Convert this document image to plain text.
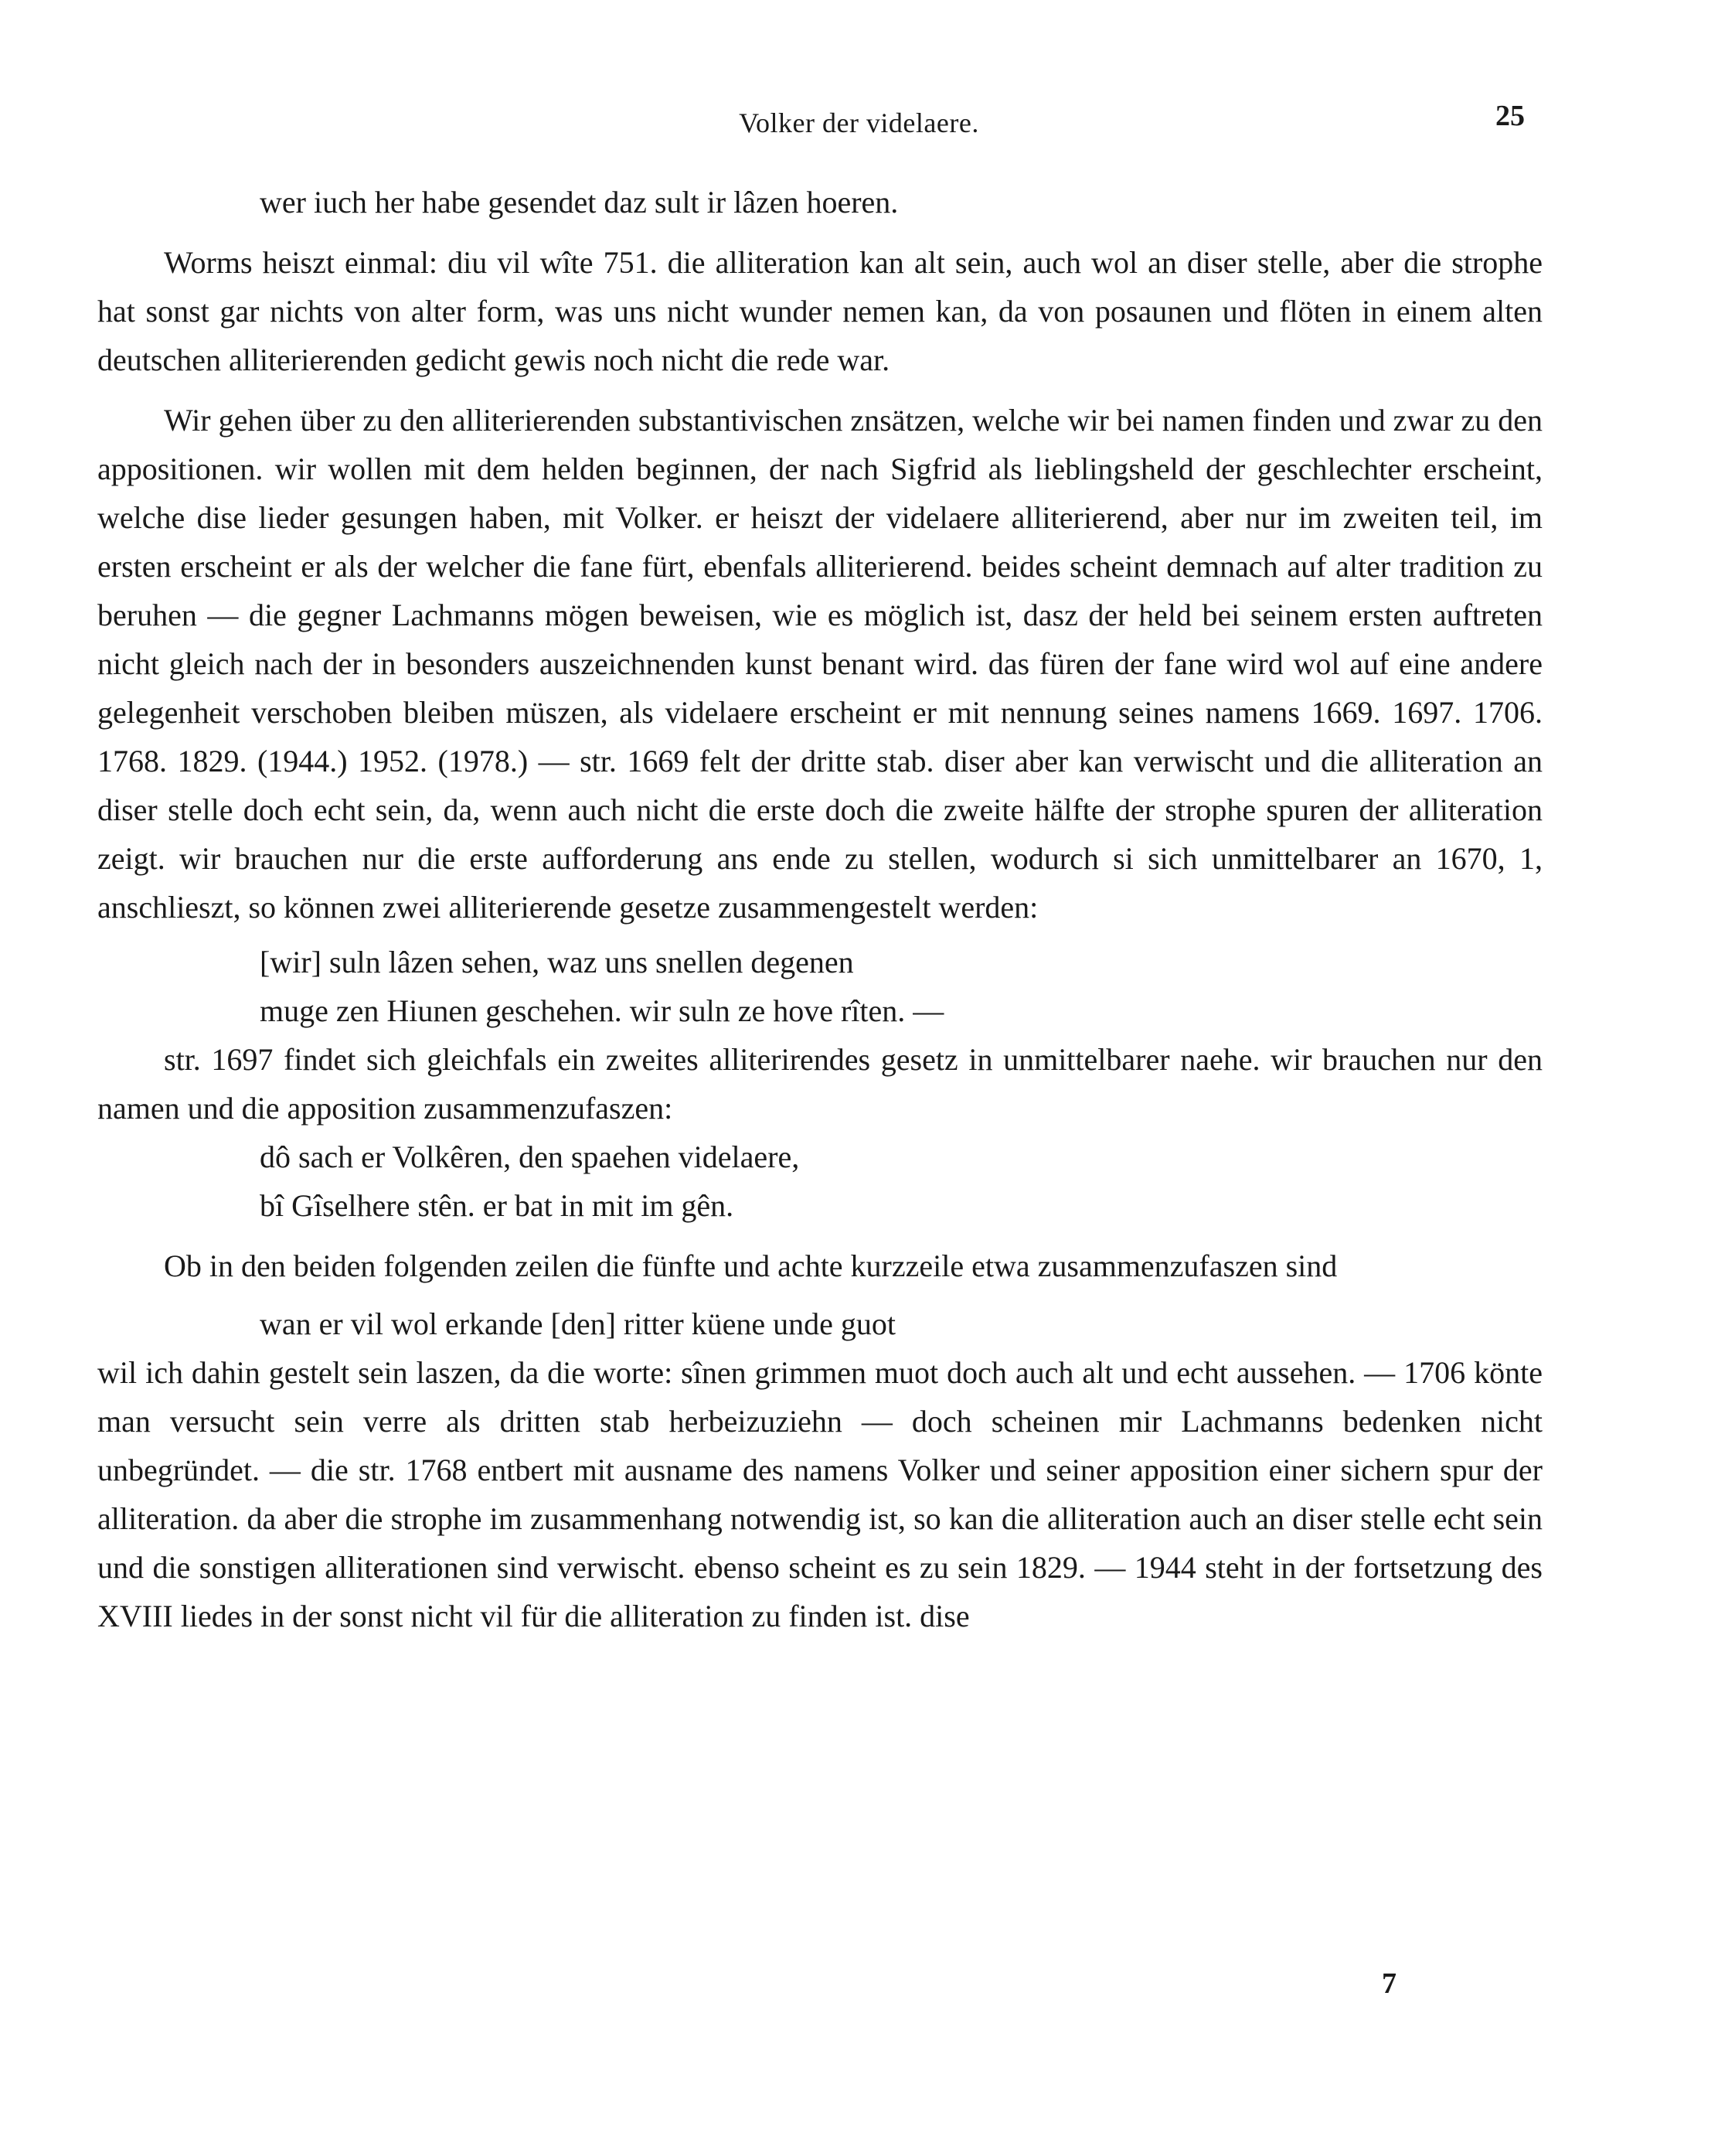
Volker der videlaere.	25

wer iuch her habe gesendet daz sult ir lâzen hoeren.

Worms heiszt einmal: diu vil wîte 751. die alliteration kan alt sein, auch wol an diser stelle, aber die strophe hat sonst gar nichts von alter form, was uns nicht wunder nemen kan, da von posaunen und flöten in einem alten deutschen alliterierenden gedicht gewis noch nicht die rede war.

Wir gehen über zu den alliterierenden substantivischen znsätzen, welche wir bei namen finden und zwar zu den appositionen. wir wollen mit dem helden beginnen, der nach Sigfrid als lieblingsheld der geschlechter erscheint, welche dise lieder gesungen haben, mit Volker. er heiszt der videlaere alliterierend, aber nur im zweiten teil, im ersten erscheint er als der welcher die fane fürt, ebenfals alliterierend. beides scheint demnach auf alter tradition zu beruhen — die gegner Lachmanns mögen beweisen, wie es möglich ist, dasz der held bei seinem ersten auftreten nicht gleich nach der in besonders auszeichnenden kunst benant wird. das füren der fane wird wol auf eine andere gelegenheit verschoben bleiben müszen, als videlaere erscheint er mit nennung seines namens 1669. 1697. 1706. 1768. 1829. (1944.) 1952. (1978.) — str. 1669 felt der dritte stab. diser aber kan verwischt und die alliteration an diser stelle doch echt sein, da, wenn auch nicht die erste doch die zweite hälfte der strophe spuren der alliteration zeigt. wir brauchen nur die erste aufforderung ans ende zu stellen, wodurch si sich unmittelbarer an 1670, 1, anschlieszt, so können zwei alliterierende gesetze zusammengestelt werden:

[wir] suln lâzen sehen, waz uns snellen degenen

muge zen Hiunen geschehen. wir suln ze hove rîten. —

str. 1697 findet sich gleichfals ein zweites alliterirendes gesetz in unmittelbarer naehe. wir brauchen nur den namen und die apposition zusammenzufaszen:

dô sach er Volkêren, den spaehen videlaere,

bî Gîselhere stên. er bat in mit im gên.

Ob in den beiden folgenden zeilen die fünfte und achte kurzzeile etwa zusammenzufaszen sind

wan er vil wol erkande [den] ritter küene unde guot

wil ich dahin gestelt sein laszen, da die worte: sînen grimmen muot doch auch alt und echt aussehen. — 1706 könte man versucht sein verre als dritten stab herbeizuziehn — doch scheinen mir Lachmanns bedenken nicht unbegründet. — die str. 1768 entbert mit ausname des namens Volker und seiner apposition einer sichern spur der alliteration. da aber die strophe im zusammenhang notwendig ist, so kan die alliteration auch an diser stelle echt sein und die sonstigen alliterationen sind verwischt. ebenso scheint es zu sein 1829. — 1944 steht in der fortsetzung des XVIII liedes in der sonst nicht vil für die alliteration zu finden ist. dise

7
